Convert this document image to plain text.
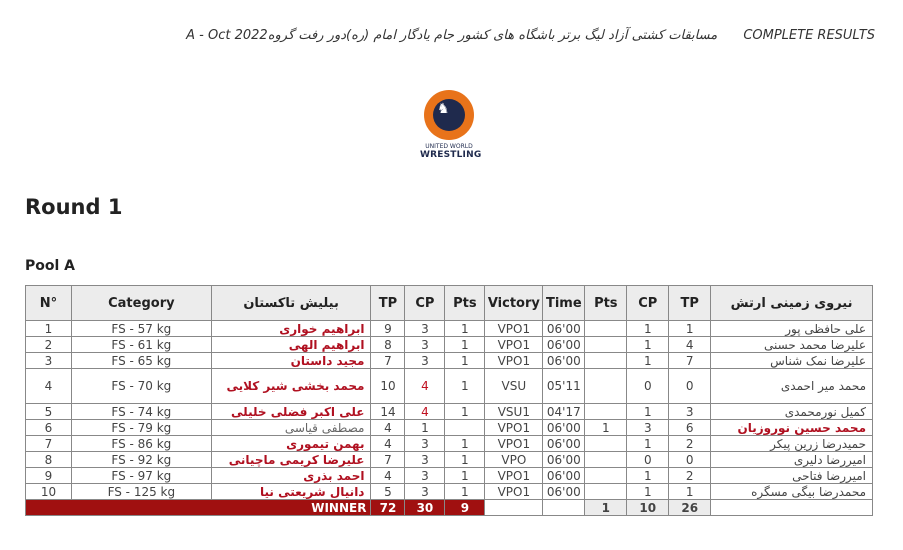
مسابقات کشتی آزاد لیگ برتر باشگاه های کشور جام یادگار امام (ره)دور رفت گروهA - Oct 2022 COMPLETE RESULTS
♞
UNITED WORLD
WRESTLING
Round 1
Pool A
N°	Category	بیلیش تاکستان	TP	CP	Pts	Victory	Time	Pts	CP	TP	نیروی زمینی ارتش
1	FS - 57 kg	ابراهیم خواری	9	3	1	VPO1	06'00		1	1	علی حافظی پور
2	FS - 61 kg	ابراهیم الهی	8	3	1	VPO1	06'00		1	4	علیرضا محمد حسنی
3	FS - 65 kg	مجید داستان	7	3	1	VPO1	06'00		1	7	علیرضا نمک شناس
4	FS - 70 kg	محمد بخشی شیر کلایی	10	4	1	VSU	05'11		0	0	محمد میر احمدی
5	FS - 74 kg	علی اکبر فضلی خلیلی	14	4	1	VSU1	04'17		1	3	کمیل نورمحمدی
6	FS - 79 kg	مصطفی قیاسی	4	1		VPO1	06'00	1	3	6	محمد حسین نوروزیان
7	FS - 86 kg	بهمن تیموری	4	3	1	VPO1	06'00		1	2	حمیدرضا زرین پیکر
8	FS - 92 kg	علیرضا کریمی ماچیانی	7	3	1	VPO	06'00		0	0	امیررضا دلیری
9	FS - 97 kg	احمد بذری	4	3	1	VPO1	06'00		1	2	امیررضا فتاحی
10	FS - 125 kg	دانیال شریعتی نیا	5	3	1	VPO1	06'00		1	1	محمدرضا بیگی مسگره
WINNER			72	30	9			1	10	26	
